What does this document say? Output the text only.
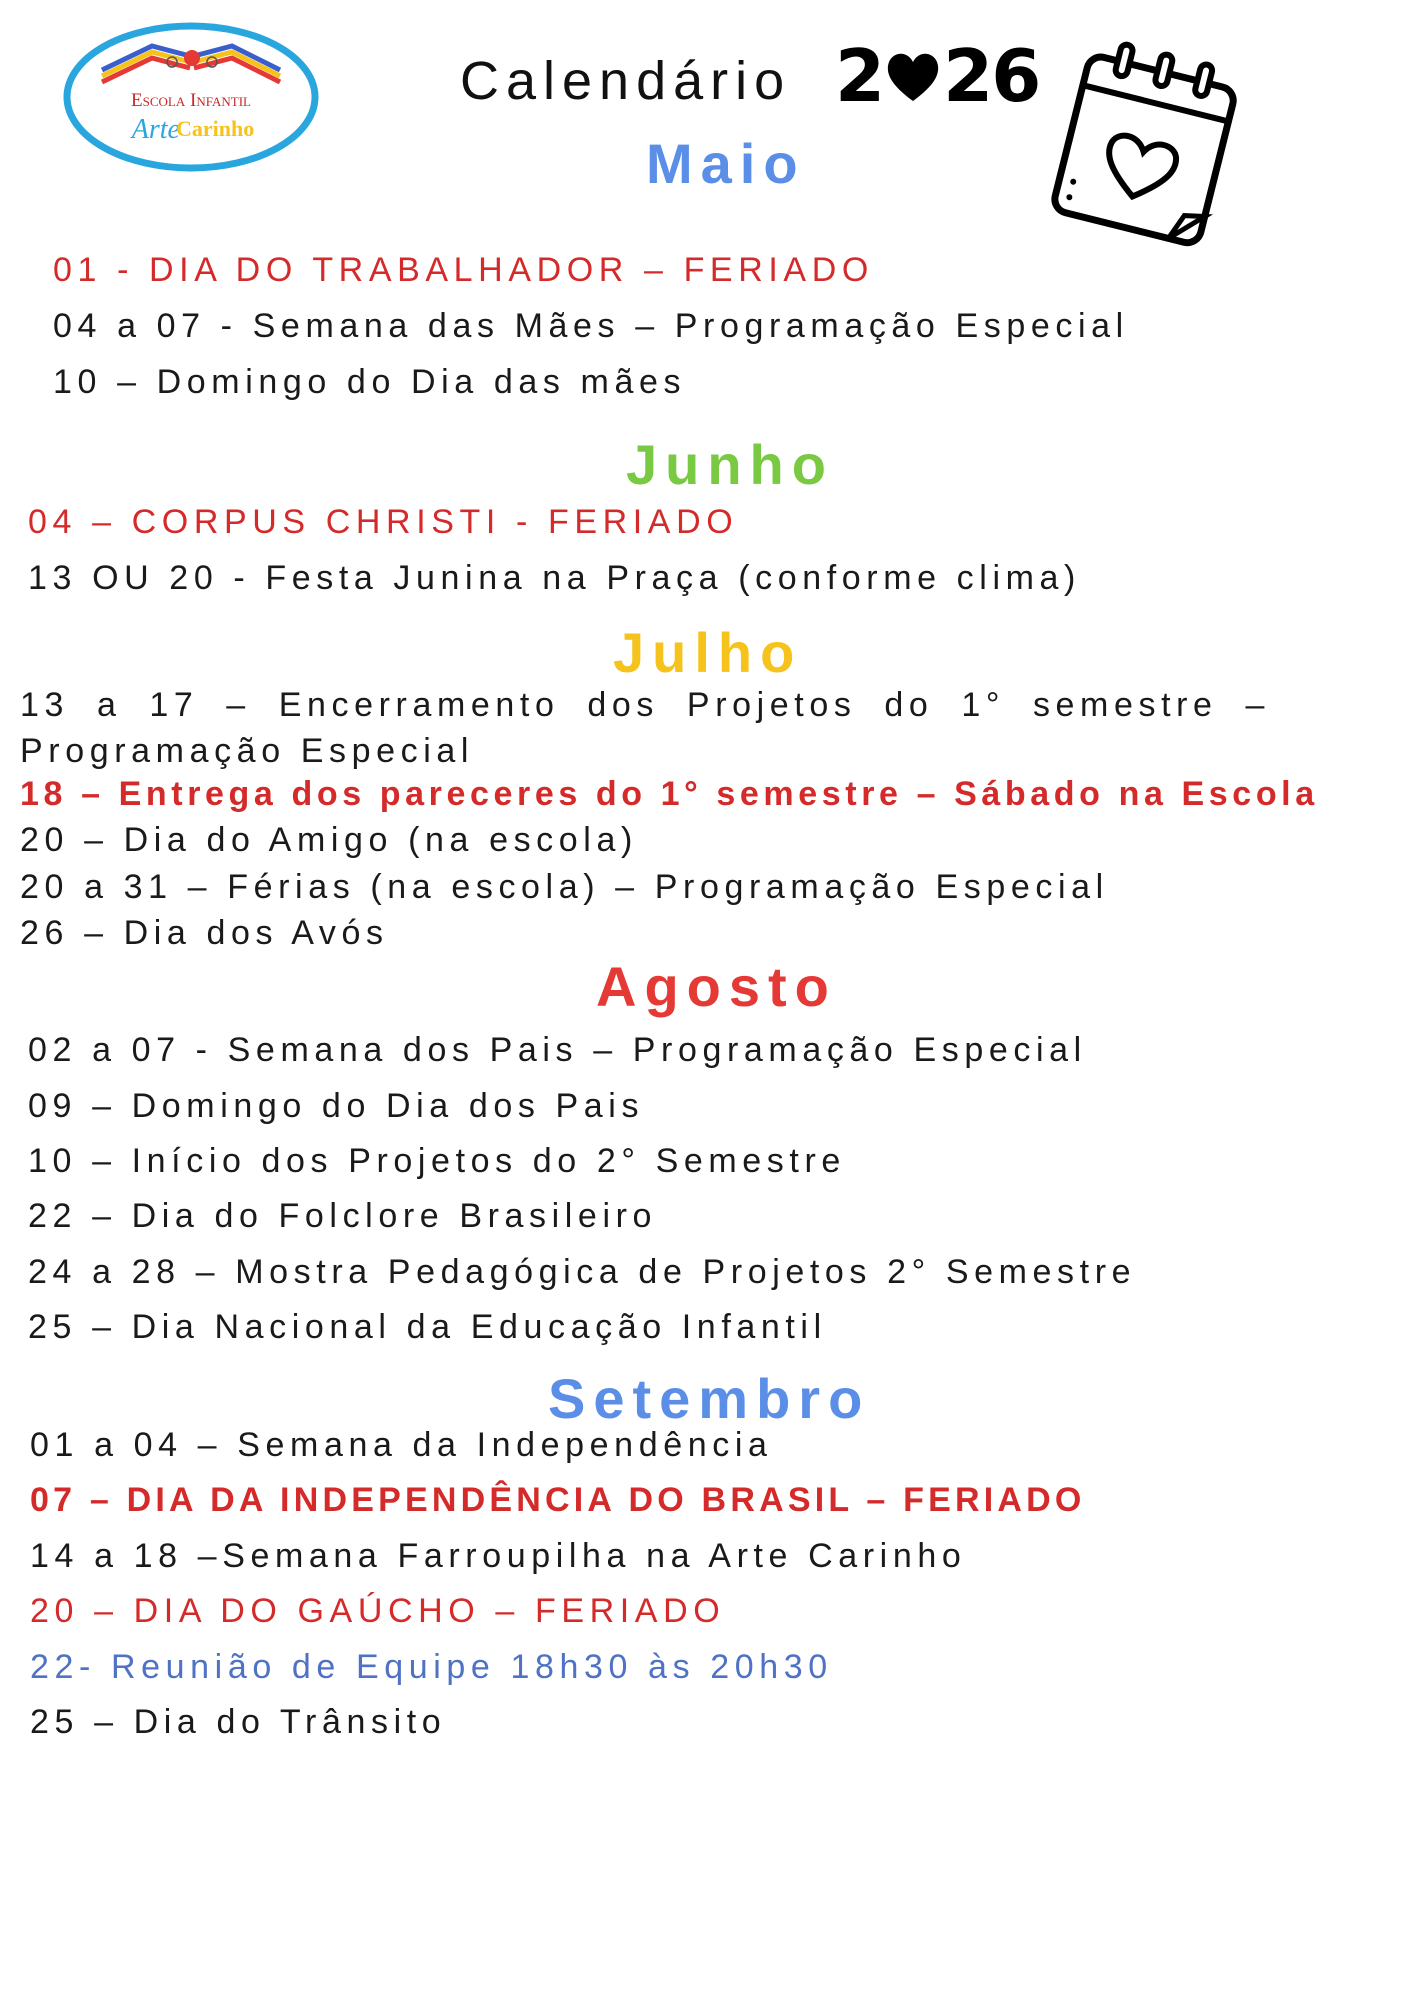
Escola Infantil
Arte
Carinho
Calendário 2 26
Maio
01 - DIA DO TRABALHADOR – FERIADO
04 a 07 - Semana das Mães – Programação Especial
10 – Domingo do Dia das mães
Junho
04 – CORPUS CHRISTI - FERIADO
13 OU 20 - Festa Junina na Praça (conforme clima)
Julho
13 a 17 – Encerramento dos Projetos do 1° semestre – Programação Especial
18 – Entrega dos pareceres do 1° semestre – Sábado na Escola
20 – Dia do Amigo (na escola)
20 a 31 – Férias (na escola) – Programação Especial
26 – Dia dos Avós
Agosto
02 a 07 - Semana dos Pais – Programação Especial
09 – Domingo do Dia dos Pais
10 – Início dos Projetos do 2° Semestre
22 – Dia do Folclore Brasileiro
24 a 28 – Mostra Pedagógica de Projetos 2° Semestre
25 – Dia Nacional da Educação Infantil
Setembro
01 a 04 – Semana da Independência
07 – DIA DA INDEPENDÊNCIA DO BRASIL – FERIADO
14 a 18 –Semana Farroupilha na Arte Carinho
20 – DIA DO GAÚCHO – FERIADO
22- Reunião de Equipe 18h30 às 20h30
25 – Dia do Trânsito
